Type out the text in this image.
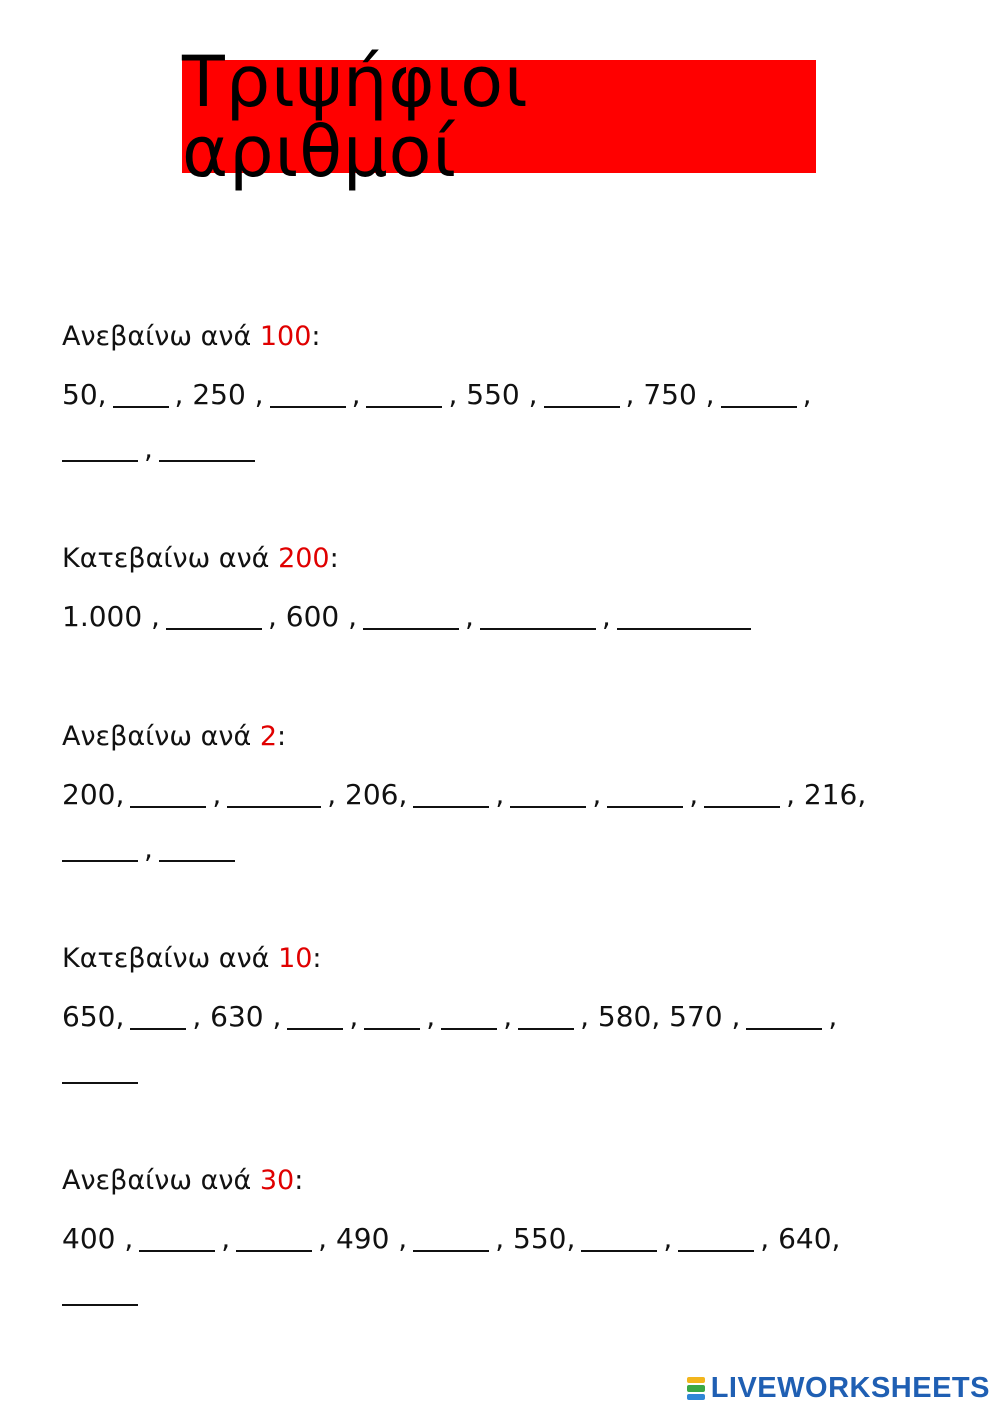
Τριψήφιοι αριθμοί
Ανεβαίνω ανά 100:
50, , 250 ,	,	, 550 ,	, 750 ,	,
,
Κατεβαίνω ανά 200:
1.000 ,	, 600 ,	,	,
Ανεβαίνω ανά 2:
200,	,	, 206,	,	,	,	, 216,
,
Κατεβαίνω ανά 10:
650, , 630 , , , , , 580, 570 ,	,
Ανεβαίνω ανά 30:
400 ,	,	, 490 ,	, 550,	,	, 640,
LIVEWORKSHEETS
